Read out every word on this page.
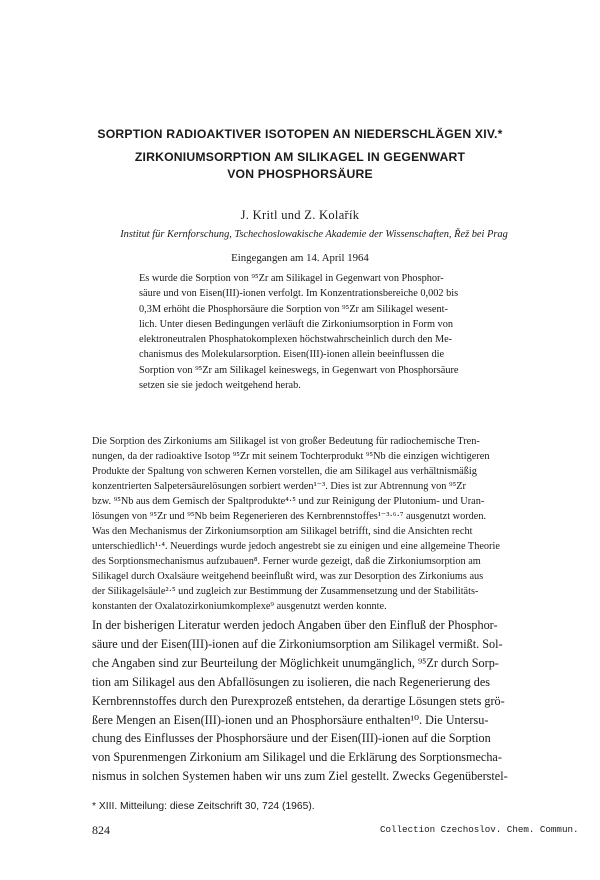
SORPTION RADIOAKTIVER ISOTOPEN AN NIEDERSCHLÄGEN XIV.*
ZIRKONIUMSORPTION AM SILIKAGEL IN GEGENWART
VON PHOSPHORSÄURE
J. Kritl und Z. Kolařík
Institut für Kernforschung, Tschechoslowakische Akademie der Wissenschaften, Řež bei Prag
Eingegangen am 14. April 1964
Es wurde die Sorption von ⁹⁵Zr am Silikagel in Gegenwart von Phosphor-
säure und von Eisen(III)-ionen verfolgt. Im Konzentrationsbereiche 0,002 bis
0,3M erhöht die Phosphorsäure die Sorption von ⁹⁵Zr am Silikagel wesent-
lich. Unter diesen Bedingungen verläuft die Zirkoniumsorption in Form von
elektroneutralen Phosphatokomplexen höchstwahrscheinlich durch den Me-
chanismus des Molekularsorption. Eisen(III)-ionen allein beeinflussen die
Sorption von ⁹⁵Zr am Silikagel keineswegs, in Gegenwart von Phosphorsäure
setzen sie sie jedoch weitgehend herab.
Die Sorption des Zirkoniums am Silikagel ist von großer Bedeutung für radiochemische Tren-
nungen, da der radioaktive Isotop ⁹⁵Zr mit seinem Tochterprodukt ⁹⁵Nb die einzigen wichtigeren
Produkte der Spaltung von schweren Kernen vorstellen, die am Silikagel aus verhältnismäßig
konzentrierten Salpetersäurelösungen sorbiert werden¹⁻³. Dies ist zur Abtrennung von ⁹⁵Zr
bzw. ⁹⁵Nb aus dem Gemisch der Spaltprodukte⁴·⁵ und zur Reinigung der Plutonium- und Uran-
lösungen von ⁹⁵Zr und ⁹⁵Nb beim Regenerieren des Kernbrennstoffes¹⁻³·⁶·⁷ ausgenutzt worden.
Was den Mechanismus der Zirkoniumsorption am Silikagel betrifft, sind die Ansichten recht
unterschiedlich¹·⁴. Neuerdings wurde jedoch angestrebt sie zu einigen und eine allgemeine Theorie
des Sorptionsmechanismus aufzubauen⁸. Ferner wurde gezeigt, daß die Zirkoniumsorption am
Silikagel durch Oxalsäure weitgehend beeinflußt wird, was zur Desorption des Zirkoniums aus
der Silikagelsäule²·⁵ und zugleich zur Bestimmung der Zusammensetzung und der Stabilitäts-
konstanten der Oxalatozirkoniumkomplexe⁹ ausgenutzt werden konnte.
In der bisherigen Literatur werden jedoch Angaben über den Einfluß der Phosphor-
säure und der Eisen(III)-ionen auf die Zirkoniumsorption am Silikagel vermißt. Sol-
che Angaben sind zur Beurteilung der Möglichkeit unumgänglich, ⁹⁵Zr durch Sorp-
tion am Silikagel aus den Abfallösungen zu isolieren, die nach Regenerierung des
Kernbrennstoffes durch den Purexprozeß entstehen, da derartige Lösungen stets grö-
ßere Mengen an Eisen(III)-ionen und an Phosphorsäure enthalten¹⁰. Die Untersu-
chung des Einflusses der Phosphorsäure und der Eisen(III)-ionen auf die Sorption
von Spurenmengen Zirkonium am Silikagel und die Erklärung des Sorptionsmecha-
nismus in solchen Systemen haben wir uns zum Ziel gestellt. Zwecks Gegenüberstel-
* XIII. Mitteilung: diese Zeitschrift 30, 724 (1965).
824	Collection Czechoslov. Chem. Commun.
